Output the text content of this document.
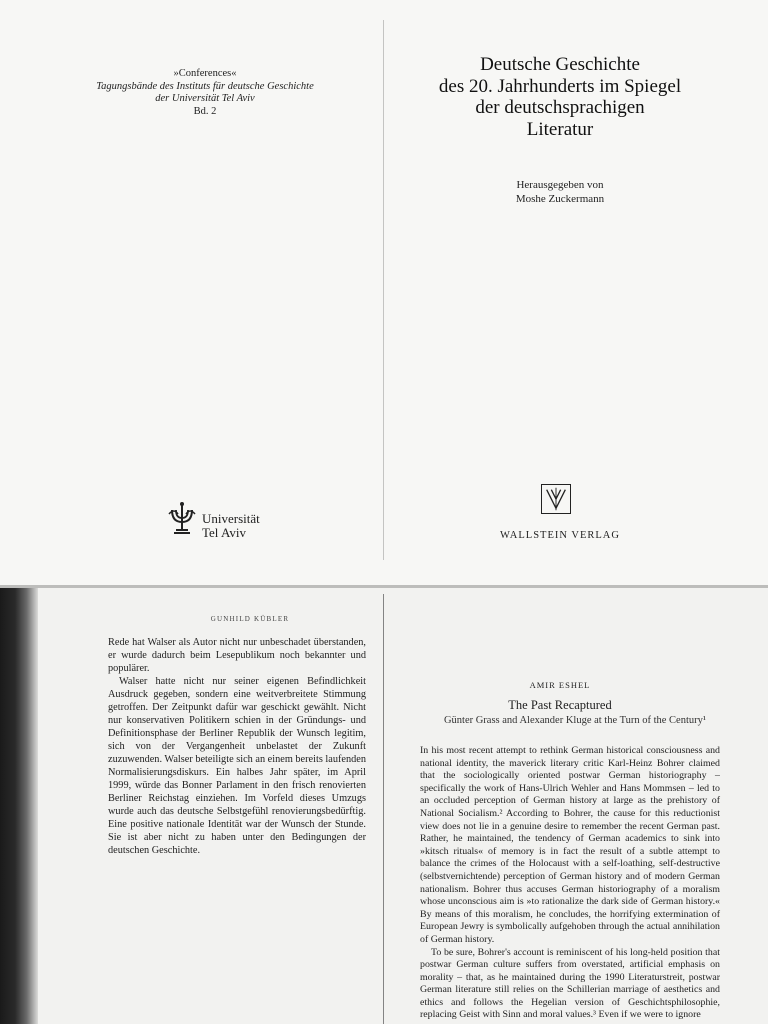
»Conferences«
Tagungsbände des Instituts für deutsche Geschichte
der Universität Tel Aviv
Bd. 2
Universität
Tel Aviv
Deutsche Geschichte
des 20. Jahrhunderts im Spiegel
der deutschsprachigen
Literatur
Herausgegeben von
Moshe Zuckermann
WALLSTEIN VERLAG
GUNHILD KÜBLER

Rede hat Walser als Autor nicht nur unbeschadet überstanden, er wurde dadurch beim Lesepublikum noch bekannter und populärer.

Walser hatte nicht nur seiner eigenen Befindlichkeit Ausdruck gegeben, sondern eine weitverbreitete Stimmung getroffen. Der Zeitpunkt dafür war geschickt gewählt. Nicht nur konservativen Politikern schien in der Gründungs- und Definitionsphase der Berliner Republik der Wunsch legitim, sich von der Vergangenheit unbelastet der Zukunft zuzuwenden. Walser beteiligte sich an einem bereits laufenden Normalisierungsdiskurs. Ein halbes Jahr später, im April 1999, würde das Bonner Parlament in den frisch renovierten Berliner Reichstag einziehen. Im Vorfeld dieses Umzugs wurde auch das deutsche Selbstgefühl renovierungsbedürftig. Eine positive nationale Identität war der Wunsch der Stunde. Sie ist aber nicht zu haben unter den Bedingungen der deutschen Geschichte.

AMIR ESHEL
The Past Recaptured
Günter Grass and Alexander Kluge at the Turn of the Century¹

In his most recent attempt to rethink German historical consciousness and national identity, the maverick literary critic Karl-Heinz Bohrer claimed that the sociologically oriented postwar German historiography – specifically the work of Hans-Ulrich Wehler and Hans Mommsen – led to an occluded perception of German history at large as the prehistory of National Socialism.² According to Bohrer, the cause for this reductionist view does not lie in a genuine desire to remember the recent German past. Rather, he maintained, the tendency of German academics to sink into »kitsch rituals« of memory is in fact the result of a subtle attempt to balance the crimes of the Holocaust with a self-loathing, self-destructive (selbstvernichtende) perception of German history and of modern German nationalism. Bohrer thus accuses German historiography of a moralism whose unconscious aim is »to rationalize the dark side of German history.« By means of this moralism, he concludes, the horrifying extermination of European Jewry is symbolically aufgehoben through the actual annihilation of German history.

To be sure, Bohrer's account is reminiscent of his long-held position that postwar German culture suffers from overstated, artificial emphasis on morality – that, as he maintained during the 1990 Literaturstreit, postwar German literature still relies on the Schillerian marriage of aesthetics and ethics and follows the Hegelian version of Geschichtsphilosophie, replacing Geist with Sinn and moral values.³ Even if we were to ignore
